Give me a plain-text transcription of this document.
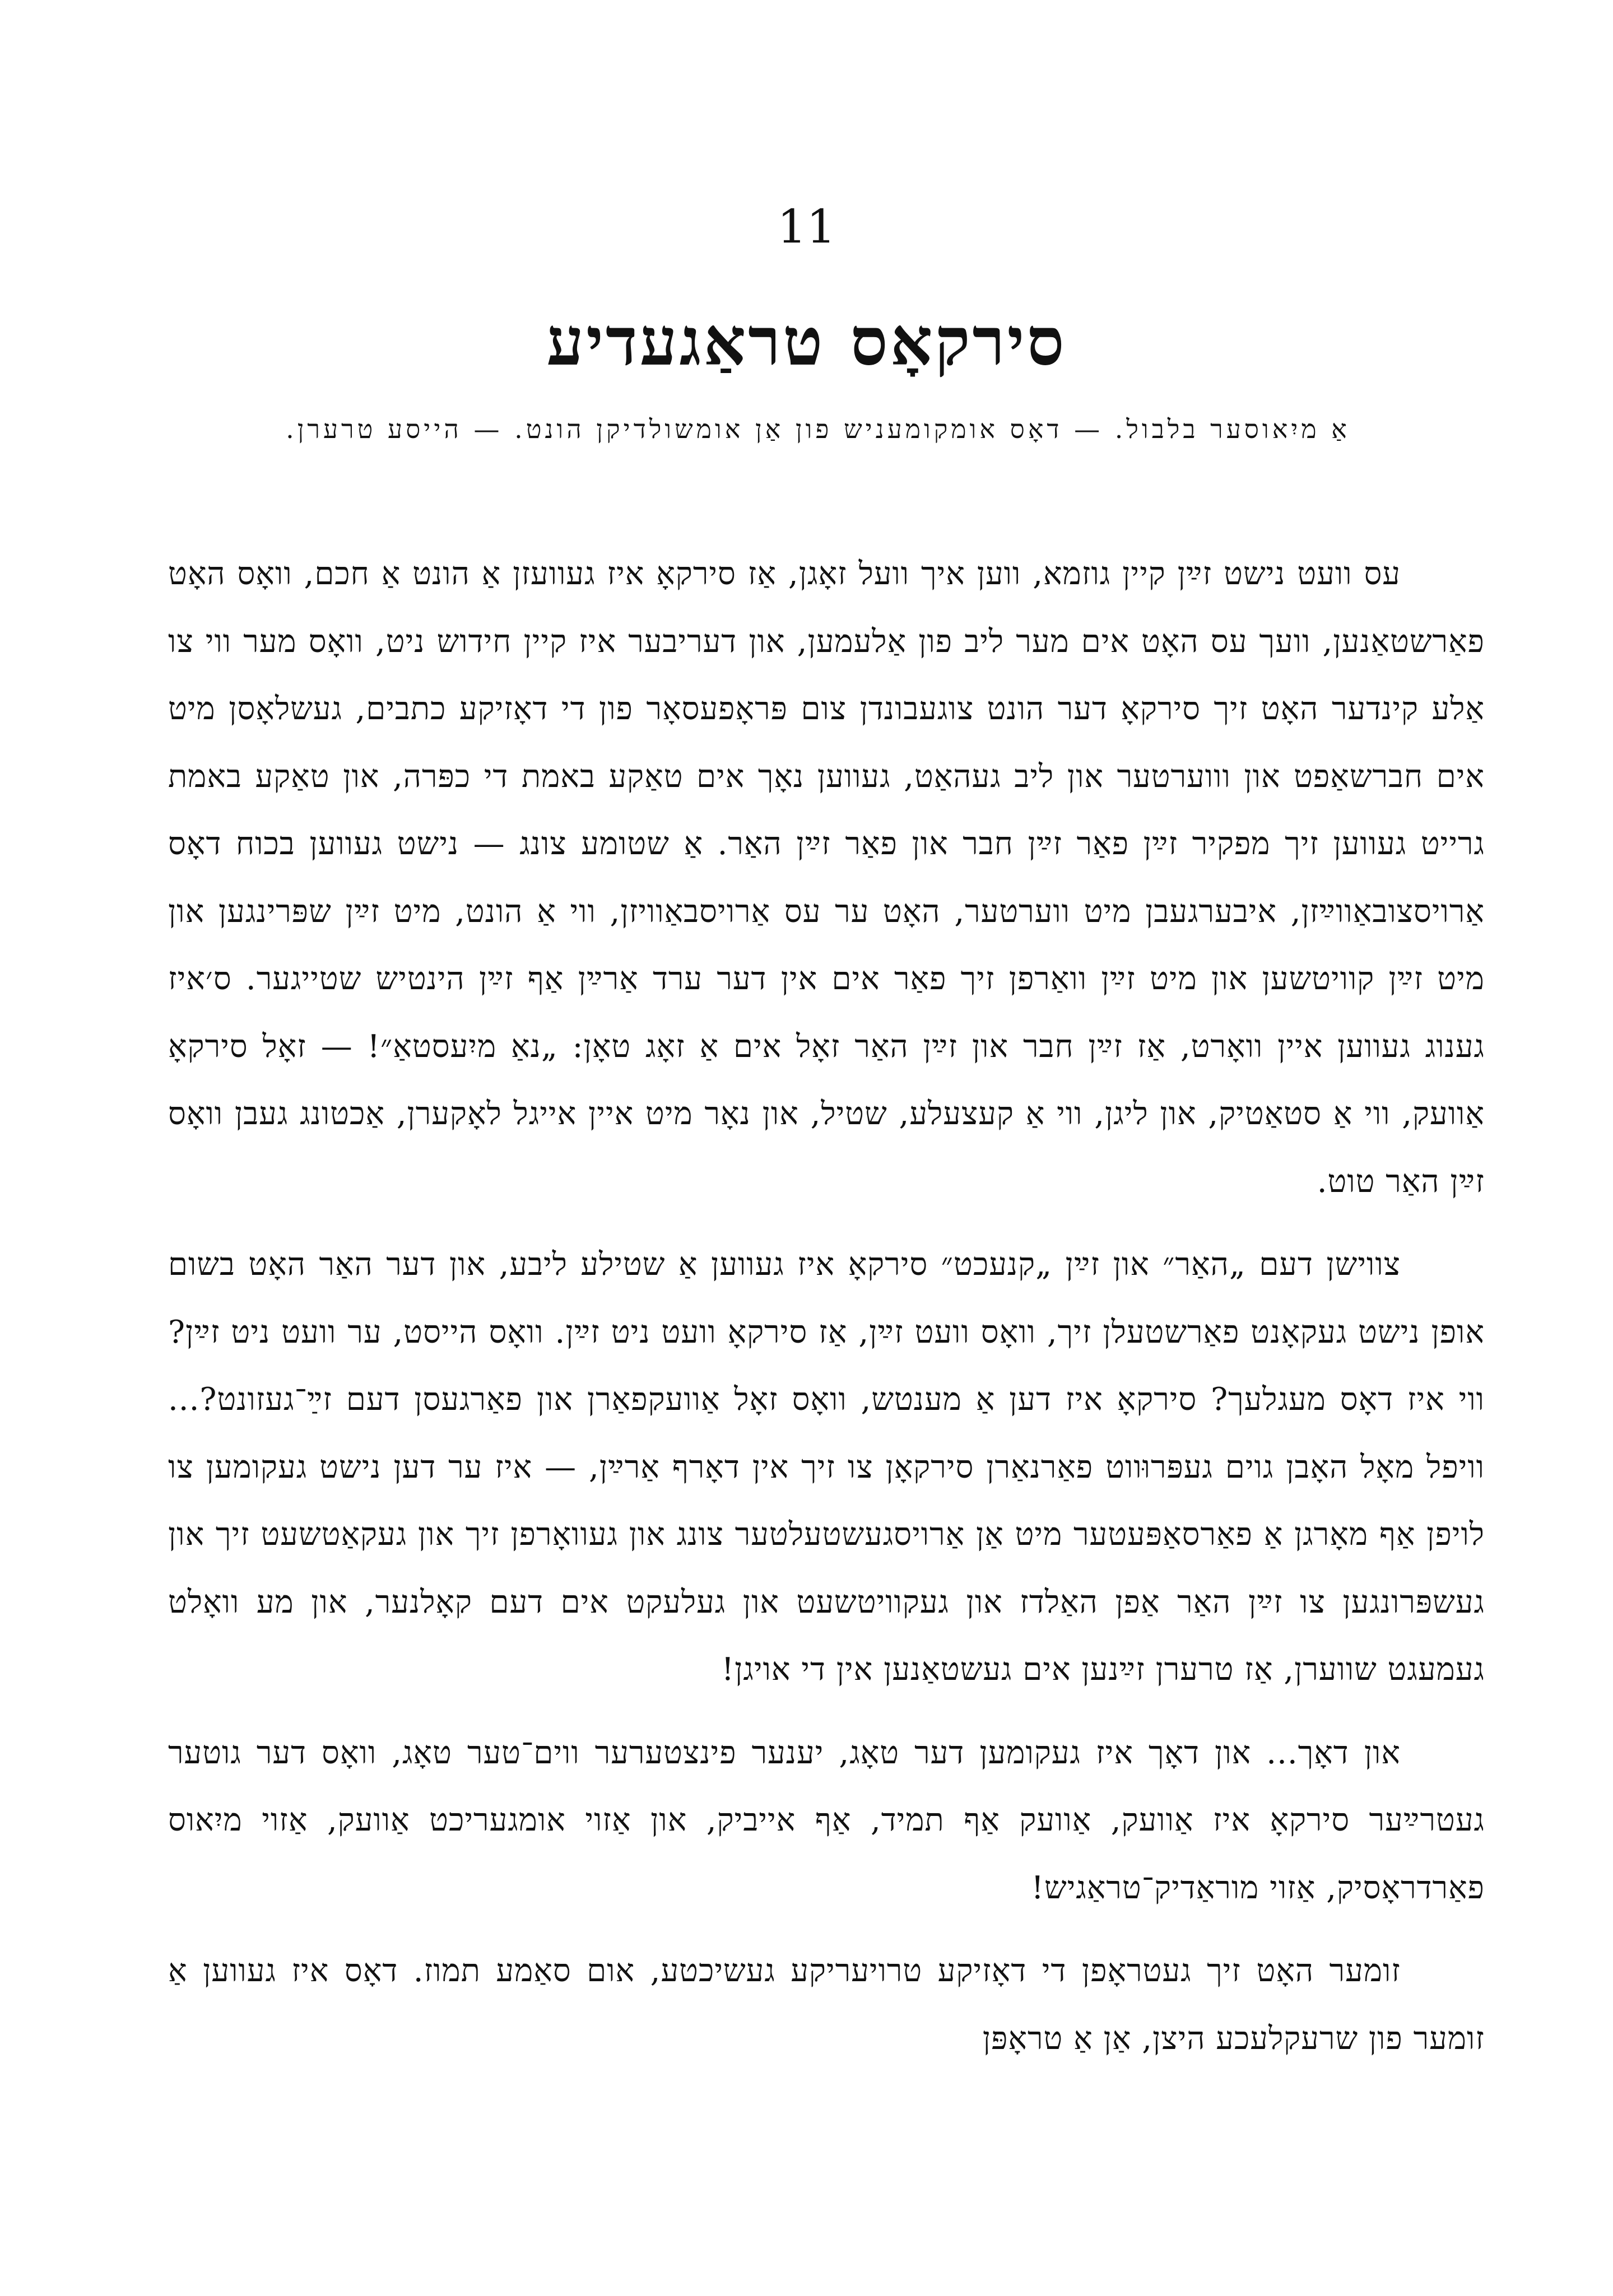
11
סירקאָס טראַגעדיע
אַ מיִאוסער בלבול. — דאָס אומקומעניש פון אַן אומשולדיקן הונט. — הייסע טרערן.

עס וועט נישט זײַן קיין גוזמא, ווען איך וועל זאָגן, אַז סירקאָ איז געוועזן אַ הונט אַ חכם, וואָס האָט פאַרשטאַנען, וועך עס האָט אים מער ליב פון אַלעמען, און דעריבער איז קיין חידוש ניט, וואָס מער ווי צו אַלע קינדער האָט זיך סירקאָ דער הונט צוגעבונדן צום פּראָפעסאָר פון די דאָזיקע כתבים, געשלאָסן מיט אים חברשאַפט און וווערטער און ליב געהאַט, געווען נאָך אים טאַקע באמת די כפּרה, און טאַקע באמת גרייט געווען זיך מפקיר זײַן פאַר זײַן חבר און פאַר זײַן האַר. אַ שטומע צונג — נישט געווען בכוח דאָס אַרויסצובאַווײַזן, איבערגעבן מיט ווערטער, האָט ער עס אַרויסבאַוויזן, ווי אַ הונט, מיט זײַן שפּרינגען און מיט זײַן קוויטשען און מיט זײַן וואַרפן זיך פאַר אים אין דער ערד אַרײַן אַף זײַן הינטיש שטייגער. ס׳איז גענוג געווען איין וואָרט, אַז זײַן חבר און זײַן האַר זאָל אים אַ זאָג טאָן: „נאַ מיִעסטאַ״! — זאָל סירקאָ אַוועק, ווי אַ סטאַטיק, און ליגן, ווי אַ קעצעלע, שטיל, און נאָר מיט איין אייגל לאָקערן, אַכטונג געבן וואָס זײַן האַר טוט.

צווישן דעם „האַר״ און זײַן „קנעכט״ סירקאָ איז געווען אַ שטילע ליבע, און דער האַר האָט בשום אופן נישט געקאָנט פאַרשטעלן זיך, וואָס וועט זײַן, אַז סירקאָ וועט ניט זײַן. וואָס הייסט, ער וועט ניט זײַן? ווי איז דאָס מעגלעך? סירקאָ איז דען אַ מענטש, וואָס זאָל אַוועקפאַרן און פאַרגעסן דעם זײַ־געזונט?... וויפל מאָל האָבן גוים געפּרוּווט פאַרנאַרן סירקאָן צו זיך אין דאָרף אַרײַן, — איז ער דען נישט געקומען צו לויפן אַף מאָרגן אַ פאַרסאַפּעטער מיט אַן אַרויסגעשטעלטער צונג און געוואָרפן זיך און געקאַטשעט זיך און געשפּרונגען צו זײַן האַר אַפן האַלדז און געקוויטשעט און געלעקט אים דעם קאָלנער, און מע וואָלט געמעגט שווערן, אַז טרערן זײַנען אים געשטאַנען אין די אויגן!

און דאָך... און דאָך איז געקומען דער טאָג, יענער פינצטערער ווים־טער טאָג, וואָס דער גוטער געטרײַער סירקאָ איז אַוועק, אַוועק אַף תמיד, אַף אייביק, און אַזוי אומגעריכט אַוועק, אַזוי מיִאוס פאַרדראָסיק, אַזוי מוראַדיק־טראַגיש!

זומער האָט זיך געטראָפן די דאָזיקע טרויעריקע געשיכטע, אום סאַמע תמוז. דאָס איז געווען אַ זומער פון שרעקלעכע היצן, אַן אַ טראָפּן
